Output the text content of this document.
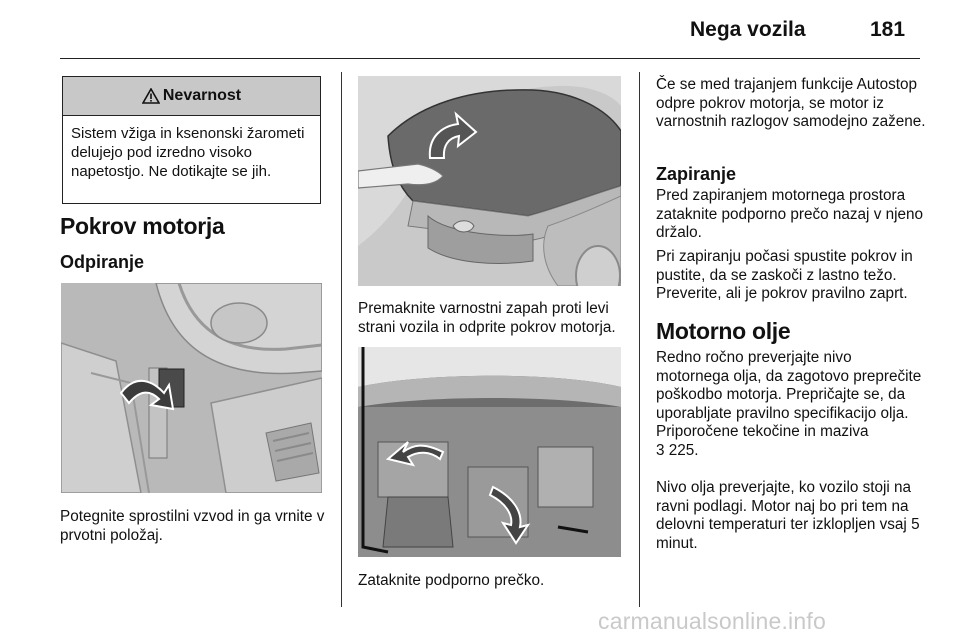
Nega vozila	181
Nevarnost
Sistem vžiga in ksenonski žarometi delujejo pod izredno visoko napetostjo. Ne dotikajte se jih.
Pokrov motorja
Odpiranje
Potegnite sprostilni vzvod in ga vrnite v prvotni položaj.
Premaknite varnostni zapah proti levi strani vozila in odprite pokrov motorja.
Zataknite podporno prečko.
Če se med trajanjem funkcije Autostop odpre pokrov motorja, se motor iz varnostnih razlogov samodejno zažene.
Zapiranje
Pred zapiranjem motornega prostora zataknite podporno prečo nazaj v njeno držalo.
Pri zapiranju počasi spustite pokrov in pustite, da se zaskoči z lastno težo. Preverite, ali je pokrov pravilno zaprt.
Motorno olje
Redno ročno preverjajte nivo motornega olja, da zagotovo preprečite poškodbo motorja. Prepričajte se, da uporabljate pravilno specifikacijo olja. Priporočene tekočine in maziva
3 225.
Nivo olja preverjajte, ko vozilo stoji na ravni podlagi. Motor naj bo pri tem na delovni temperaturi ter izklopljen vsaj 5 minut.
carmanualsonline.info
